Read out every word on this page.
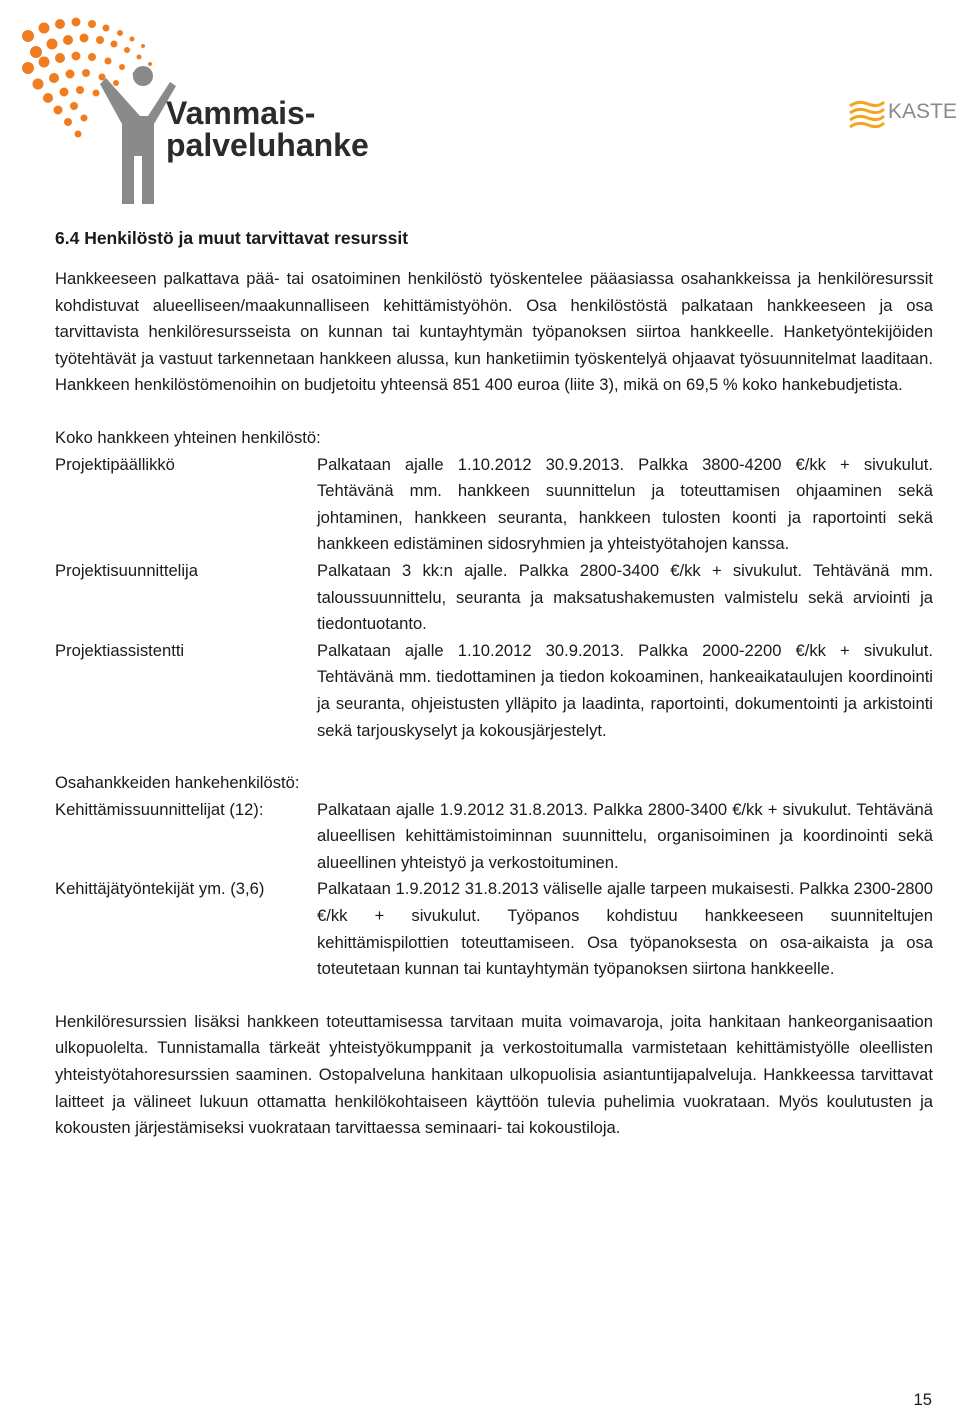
Vammais-
palveluhanke
KASTE
6.4 Henkilöstö ja muut tarvittavat resurssit

Hankkeeseen palkattava pää- tai osatoiminen henkilöstö työskentelee pääasiassa osahankkeissa ja henkilöresurssit kohdistuvat alueelliseen/maakunnalliseen kehittämistyöhön. Osa henkilöstöstä palkataan hankkeeseen ja osa tarvittavista henkilöresursseista on kunnan tai kuntayhtymän työpanoksen siirtoa hankkeelle. Hanketyöntekijöiden työtehtävät ja vastuut tarkennetaan hankkeen alussa, kun hanketiimin työskentelyä ohjaavat työsuunnitelmat laaditaan. Hankkeen henkilöstömenoihin on budjetoitu yhteensä 851 400 euroa (liite 3), mikä on 69,5 % koko hankebudjetista.

Koko hankkeen yhteinen henkilöstö:

Projektipäällikkö	Palkataan ajalle 1.10.2012 30.9.2013. Palkka 3800-4200 €/kk + sivukulut. Tehtävänä mm. hankkeen suunnittelun ja toteuttamisen ohjaaminen sekä johtaminen, hankkeen seuranta, hankkeen tulosten koonti ja raportointi sekä hankkeen edistäminen sidosryhmien ja yhteistyötahojen kanssa.
Projektisuunnittelija	Palkataan 3 kk:n ajalle. Palkka 2800-3400 €/kk + sivukulut. Tehtävänä mm. taloussuunnittelu, seuranta ja maksatushakemusten valmistelu sekä arviointi ja tiedontuotanto.
Projektiassistentti	Palkataan ajalle 1.10.2012 30.9.2013. Palkka 2000-2200 €/kk + sivukulut. Tehtävänä mm. tiedottaminen ja tiedon kokoaminen, hankeaikataulujen koordinointi ja seuranta, ohjeistusten ylläpito ja laadinta, raportointi, dokumentointi ja arkistointi sekä tarjouskyselyt ja kokousjärjestelyt.

Osahankkeiden hankehenkilöstö:

Kehittämissuunnittelijat (12):	Palkataan ajalle 1.9.2012 31.8.2013. Palkka 2800-3400 €/kk + sivukulut. Tehtävänä alueellisen kehittämistoiminnan suunnittelu, organisoiminen ja koordinointi sekä alueellinen yhteistyö ja verkostoituminen.
Kehittäjätyöntekijät ym. (3,6)	Palkataan 1.9.2012 31.8.2013 väliselle ajalle tarpeen mukaisesti. Palkka 2300-2800 €/kk + sivukulut. Työpanos kohdistuu hankkeeseen suunniteltujen kehittämispilottien toteuttamiseen. Osa työpanoksesta on osa-aikaista ja osa toteutetaan kunnan tai kuntayhtymän työpanoksen siirtona hankkeelle.

Henkilöresurssien lisäksi hankkeen toteuttamisessa tarvitaan muita voimavaroja, joita hankitaan hankeorganisaation ulkopuolelta. Tunnistamalla tärkeät yhteistyökumppanit ja verkostoitumalla varmistetaan kehittämistyölle oleellisten yhteistyötahoresurssien saaminen. Ostopalveluna hankitaan ulkopuolisia asiantuntijapalveluja. Hankkeessa tarvittavat laitteet ja välineet lukuun ottamatta henkilökohtaiseen käyttöön tulevia puhelimia vuokrataan. Myös koulutusten ja kokousten järjestämiseksi vuokrataan tarvittaessa seminaari- tai kokoustiloja.

15
